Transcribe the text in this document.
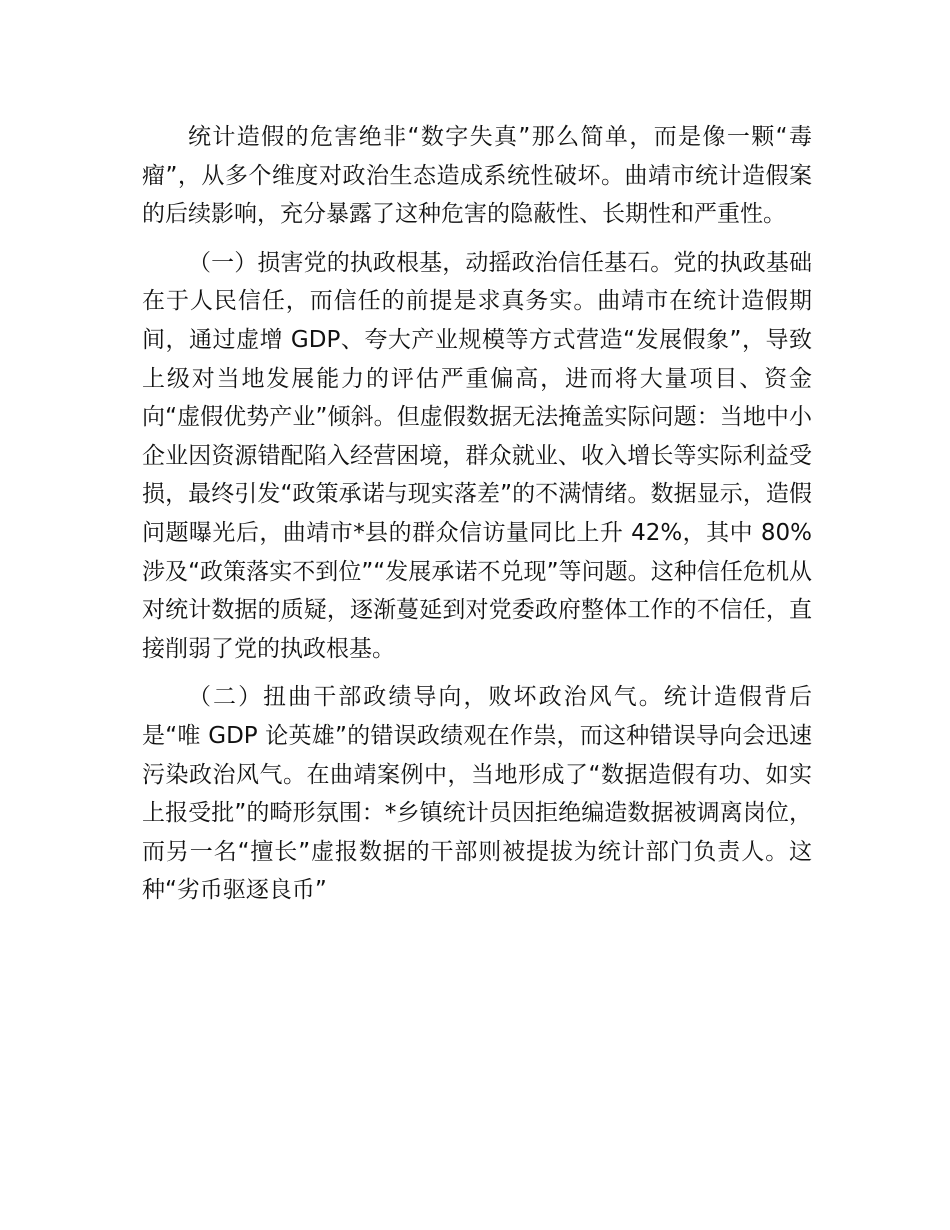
统计造假的危害绝非“数字失真”那么简单，而是像一颗“毒瘤”，从多个维度对政治生态造成系统性破坏。曲靖市统计造假案的后续影响，充分暴露了这种危害的隐蔽性、长期性和严重性。

（一）损害党的执政根基，动摇政治信任基石。党的执政基础在于人民信任，而信任的前提是求真务实。曲靖市在统计造假期间，通过虚增 GDP、夸大产业规模等方式营造“发展假象”，导致上级对当地发展能力的评估严重偏高，进而将大量项目、资金向“虚假优势产业”倾斜。但虚假数据无法掩盖实际问题：当地中小企业因资源错配陷入经营困境，群众就业、收入增长等实际利益受损，最终引发“政策承诺与现实落差”的不满情绪。数据显示，造假问题曝光后，曲靖市*县的群众信访量同比上升 42%，其中 80%涉及“政策落实不到位”“发展承诺不兑现”等问题。这种信任危机从对统计数据的质疑，逐渐蔓延到对党委政府整体工作的不信任，直接削弱了党的执政根基。

（二）扭曲干部政绩导向，败坏政治风气。统计造假背后是“唯 GDP 论英雄”的错误政绩观在作祟，而这种错误导向会迅速污染政治风气。在曲靖案例中，当地形成了“数据造假有功、如实上报受批”的畸形氛围：*乡镇统计员因拒绝编造数据被调离岗位，而另一名“擅长”虚报数据的干部则被提拔为统计部门负责人。这种“劣币驱逐良币”
